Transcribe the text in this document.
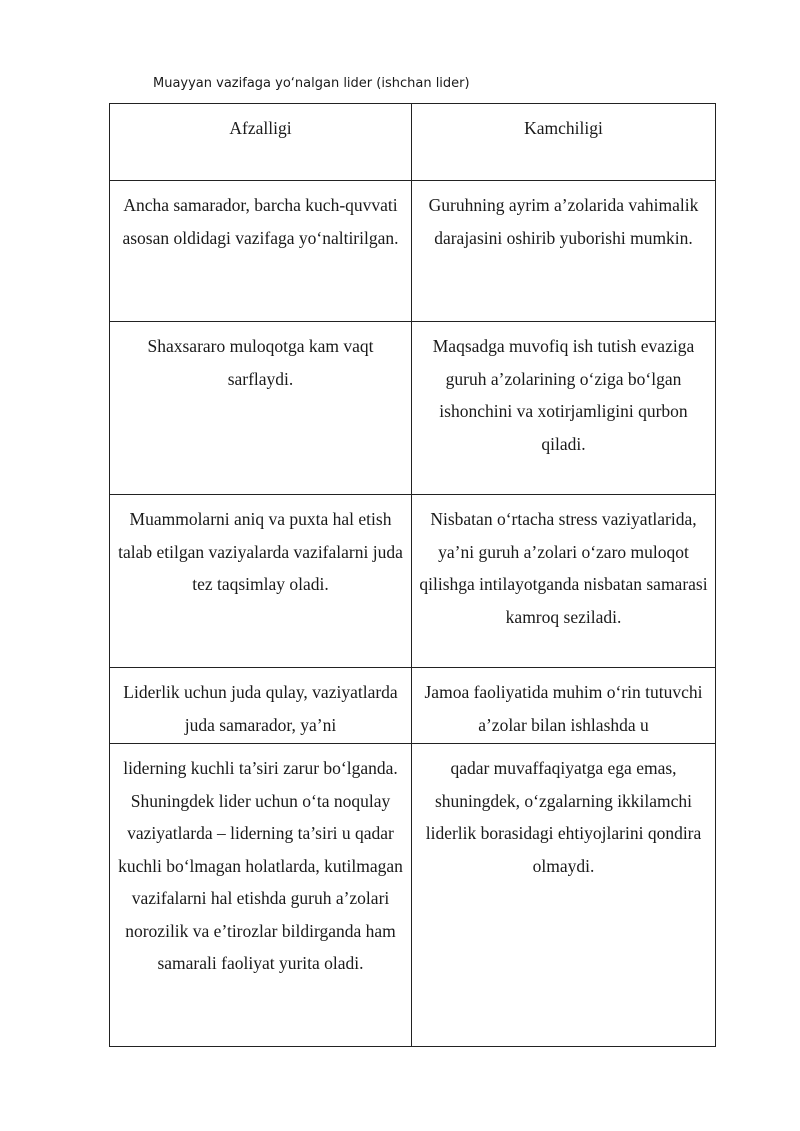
Muayyan vazifaga yo‘nalgan lider (ishchan lider)
Afzalligi	Kamchiligi
Ancha samarador, barcha kuch-quvvati asosan oldidagi vazifaga yo‘naltirilgan.	Guruhning ayrim a’zolarida vahimalik darajasini oshirib yuborishi mumkin.
Shaxsararo muloqotga kam vaqt sarflaydi.	Maqsadga muvofiq ish tutish evaziga guruh a’zolarining o‘ziga bo‘lgan ishonchini va xotirjamligini qurbon qiladi.
Muammolarni aniq va puxta hal etish talab etilgan vaziyalarda vazifalarni juda tez taqsimlay oladi.	Nisbatan o‘rtacha stress vaziyatlarida, ya’ni guruh a’zolari o‘zaro muloqot qilishga intilayotganda nisbatan samarasi kamroq seziladi.
Liderlik uchun juda qulay, vaziyatlarda juda samarador, ya’ni	Jamoa faoliyatida muhim o‘rin tutuvchi a’zolar bilan ishlashda u
liderning kuchli ta’siri zarur bo‘lganda. Shuningdek lider uchun o‘ta noqulay vaziyatlarda – liderning ta’siri u qadar kuchli bo‘lmagan holatlarda, kutilmagan vazifalarni hal etishda guruh a’zolari norozilik va e’tirozlar bildirganda ham samarali faoliyat yurita oladi.	qadar muvaffaqiyatga ega emas, shuningdek, o‘zgalarning ikkilamchi liderlik borasidagi ehtiyojlarini qondira olmaydi.
